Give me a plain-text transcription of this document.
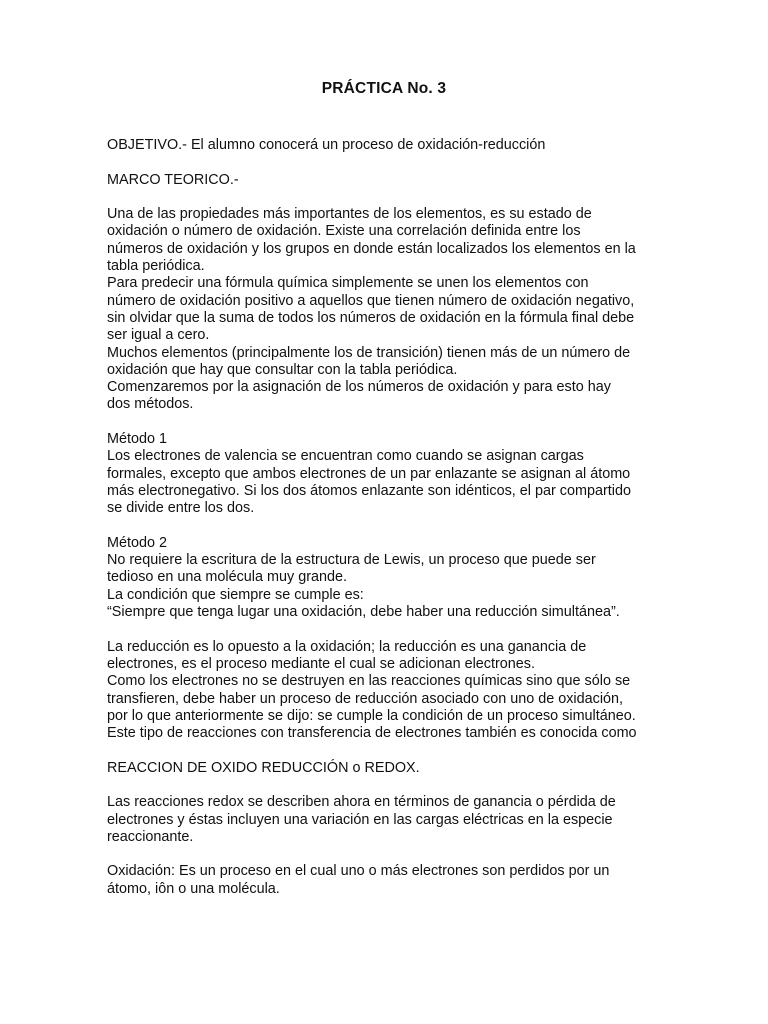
PRÁCTICA No. 3
OBJETIVO.- El alumno conocerá un proceso de oxidación-reducción
MARCO TEORICO.-
Una de las propiedades más importantes de los elementos, es su estado de
oxidación o número de oxidación. Existe una correlación definida entre los
números de oxidación y los grupos en donde están localizados los elementos en la
tabla periódica.
Para predecir una fórmula química simplemente se unen los elementos con
número de oxidación positivo a aquellos que tienen número de oxidación negativo,
sin olvidar que la suma de todos los números de oxidación en la fórmula final debe
ser igual a cero.
Muchos elementos (principalmente los de transición) tienen más de un número de
oxidación que hay que consultar con la tabla periódica.
Comenzaremos por la asignación de los números de oxidación y para esto hay
dos métodos.
Método 1
Los electrones de valencia se encuentran como cuando se asignan cargas
formales, excepto que ambos electrones de un par enlazante se asignan al átomo
más electronegativo. Si los dos átomos enlazante son idénticos, el par compartido
se divide entre los dos.
Método 2
No requiere la escritura de la estructura de Lewis, un proceso que puede ser
tedioso en una molécula muy grande.
La condición que siempre se cumple es:
“Siempre que tenga lugar una oxidación, debe haber una reducción simultánea”.
La reducción es lo opuesto a la oxidación; la reducción es una ganancia de
electrones, es el proceso mediante el cual se adicionan electrones.
Como los electrones no se destruyen en las reacciones químicas sino que sólo se
transfieren, debe haber un proceso de reducción asociado con uno de oxidación,
por lo que anteriormente se dijo: se cumple la condición de un proceso simultáneo.
Este tipo de reacciones con transferencia de electrones también es conocida como
REACCION DE OXIDO REDUCCIÓN o REDOX.
Las reacciones redox se describen ahora en términos de ganancia o pérdida de
electrones y éstas incluyen una variación en las cargas eléctricas en la especie
reaccionante.
Oxidación: Es un proceso en el cual uno o más electrones son perdidos por un
átomo, iôn o una molécula.
